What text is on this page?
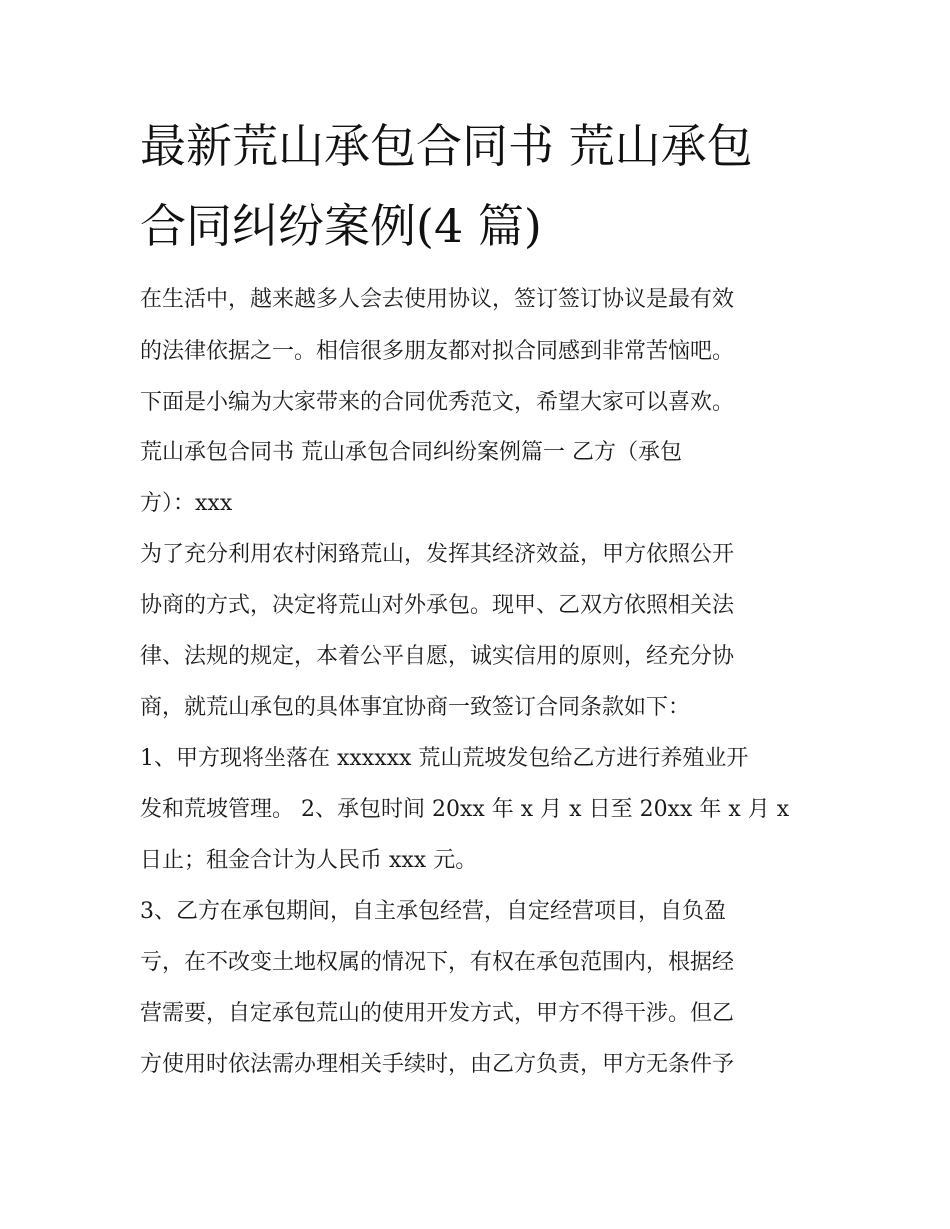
最新荒山承包合同书 荒山承包
合同纠纷案例(4 篇)
在生活中，越来越多人会去使用协议，签订签订协议是最有效
的法律依据之一。相信很多朋友都对拟合同感到非常苦恼吧。
下面是小编为大家带来的合同优秀范文，希望大家可以喜欢。
荒山承包合同书 荒山承包合同纠纷案例篇一 乙方（承包
方）：xxx
为了充分利用农村闲臵荒山，发挥其经济效益，甲方依照公开
协商的方式，决定将荒山对外承包。现甲、乙双方依照相关法
律、法规的规定，本着公平自愿，诚实信用的原则，经充分协
商，就荒山承包的具体事宜协商一致签订合同条款如下：
1、甲方现将坐落在 xxxxxx 荒山荒坡发包给乙方进行养殖业开
发和荒坡管理。 2、承包时间 20xx 年 x 月 x 日至 20xx 年 x 月 x
日止；租金合计为人民币 xxx 元。
3、乙方在承包期间，自主承包经营，自定经营项目，自负盈
亏，在不改变土地权属的情况下，有权在承包范围内，根据经
营需要，自定承包荒山的使用开发方式，甲方不得干涉。但乙
方使用时依法需办理相关手续时，由乙方负责，甲方无条件予
